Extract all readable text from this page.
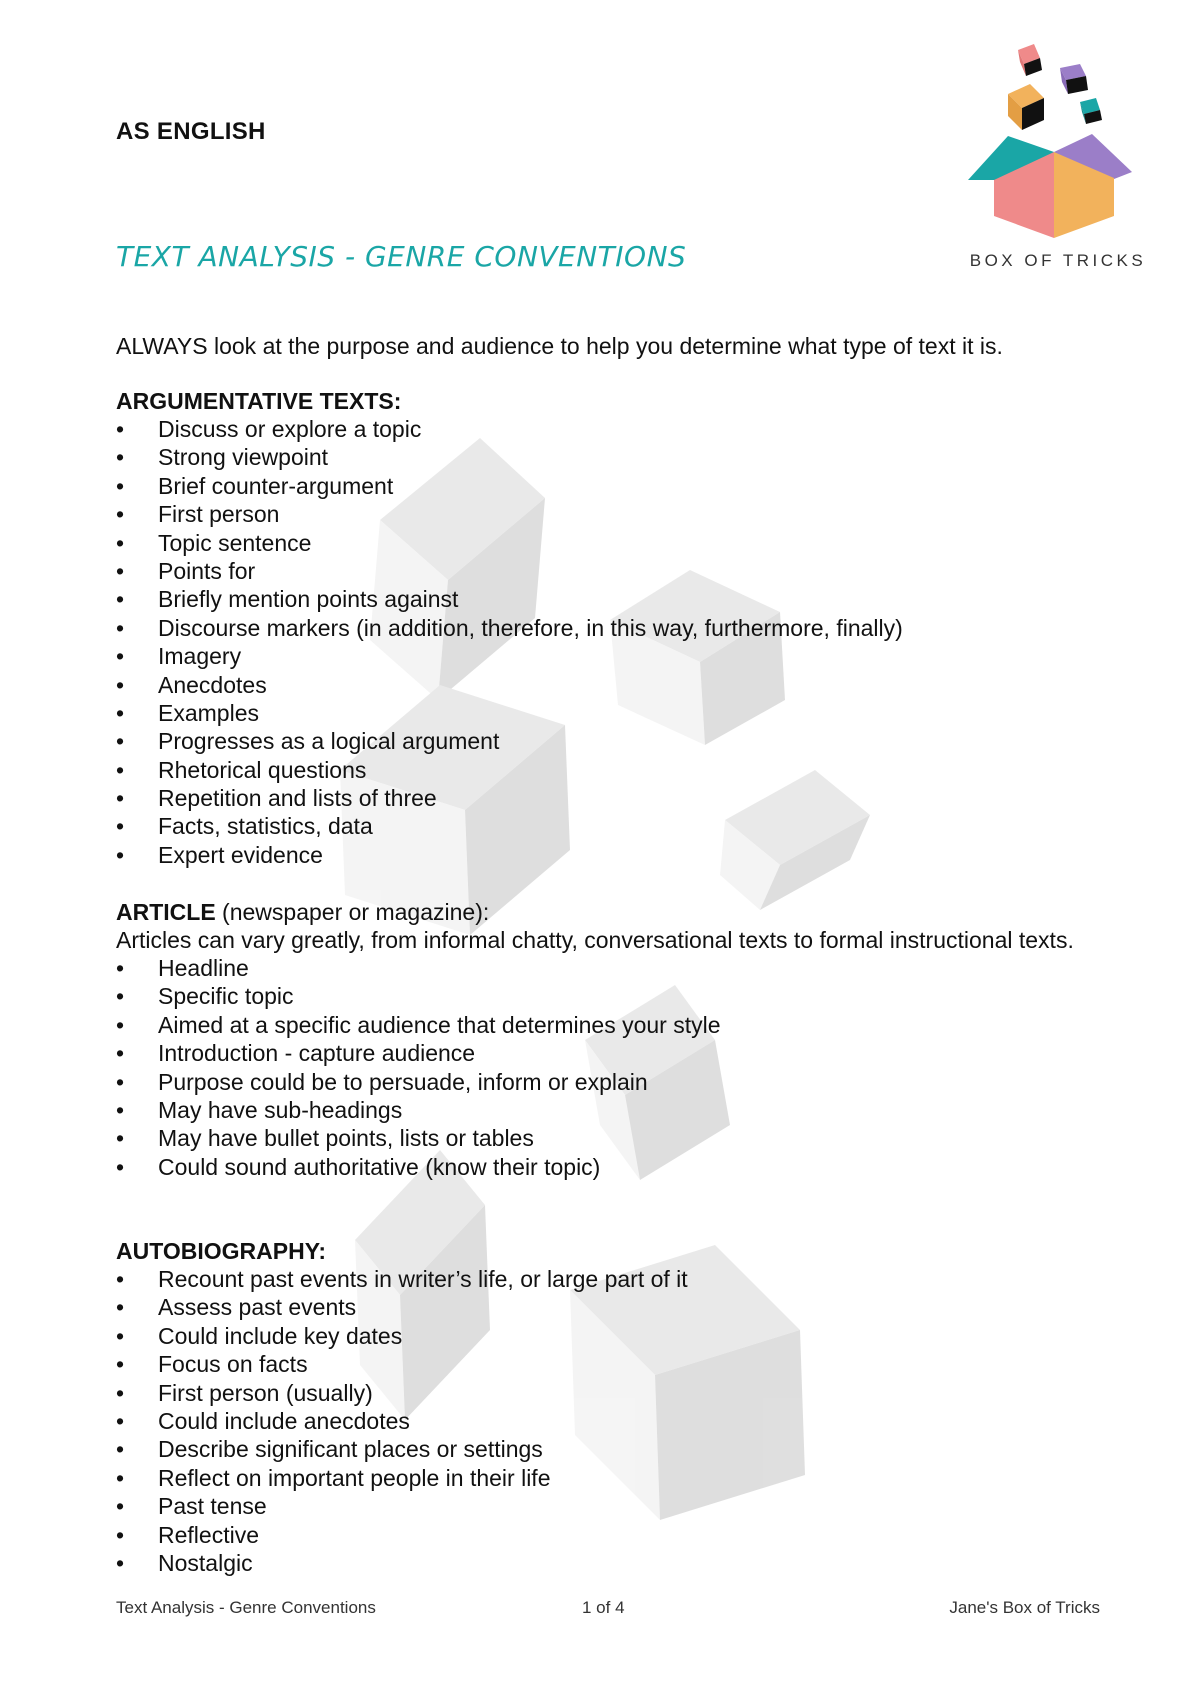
BOX OF TRICKS
AS ENGLISH
TEXT ANALYSIS - GENRE CONVENTIONS
ALWAYS look at the purpose and audience to help you determine what type of text it is.
ARGUMENTATIVE TEXTS:
• Discuss or explore a topic
• Strong viewpoint
• Brief counter-argument
• First person
• Topic sentence
• Points for
• Briefly mention points against
• Discourse markers (in addition, therefore, in this way, furthermore, finally)
• Imagery
• Anecdotes
• Examples
• Progresses as a logical argument
• Rhetorical questions
• Repetition and lists of three
• Facts, statistics, data
• Expert evidence
ARTICLE (newspaper or magazine):

Articles can vary greatly, from informal chatty, conversational texts to formal instructional texts.

• Headline
• Specific topic
• Aimed at a specific audience that determines your style
• Introduction - capture audience
• Purpose could be to persuade, inform or explain
• May have sub-headings
• May have bullet points, lists or tables
• Could sound authoritative (know their topic)
AUTOBIOGRAPHY:
• Recount past events in writer’s life, or large part of it
• Assess past events
• Could include key dates
• Focus on facts
• First person (usually)
• Could include anecdotes
• Describe significant places or settings
• Reflect on important people in their life
• Past tense
• Reflective
• Nostalgic
Text Analysis - Genre Conventions	1 of 4	Jane's Box of Tricks
